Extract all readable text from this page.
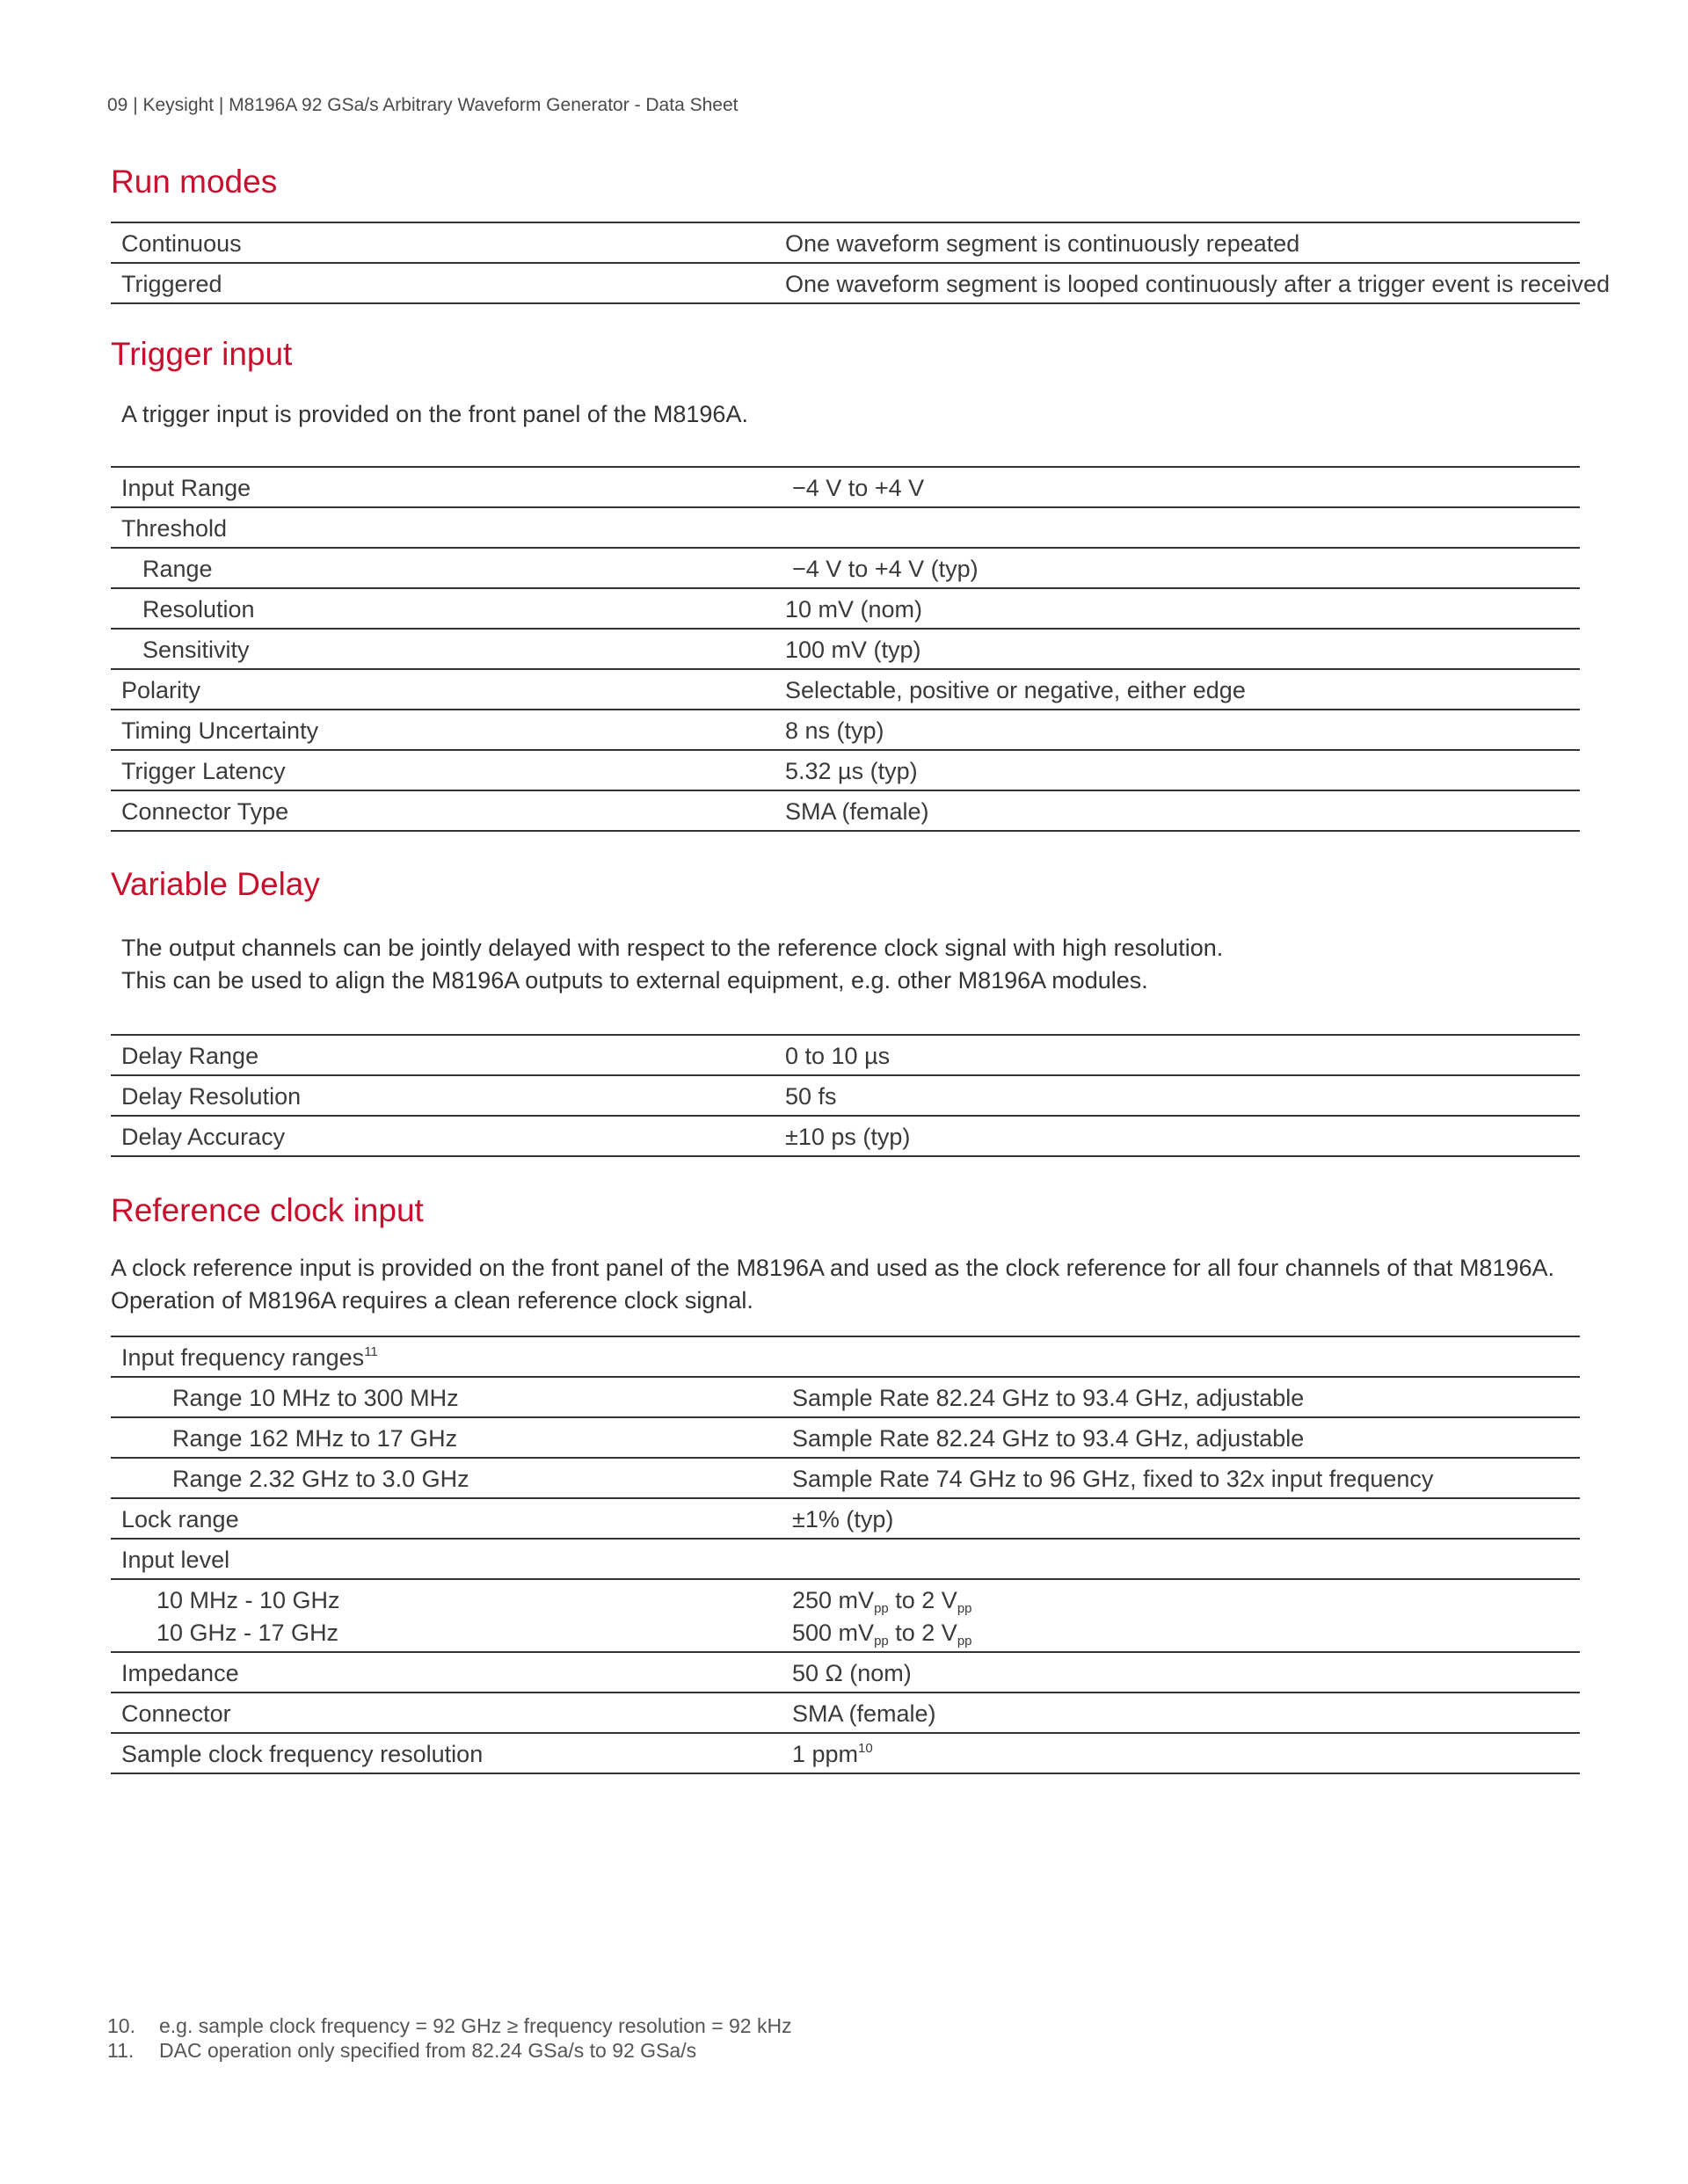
09 | Keysight | M8196A 92 GSa/s Arbitrary Waveform Generator - Data Sheet
Run modes
Continuous	One waveform segment is continuously repeated
Triggered	One waveform segment is looped continuously after a trigger event is received
Trigger input
A trigger input is provided on the front panel of the M8196A.
Input Range	−4 V to +4 V
Threshold
Range	−4 V to +4 V (typ)
Resolution	10 mV (nom)
Sensitivity	100 mV (typ)
Polarity	Selectable, positive or negative, either edge
Timing Uncertainty	8 ns (typ)
Trigger Latency	5.32 µs (typ)
Connector Type	SMA (female)
Variable Delay
The output channels can be jointly delayed with respect to the reference clock signal with high resolution.
This can be used to align the M8196A outputs to external equipment, e.g. other M8196A modules.
Delay Range	0 to 10 µs
Delay Resolution	50 fs
Delay Accuracy	±10 ps (typ)
Reference clock input
A clock reference input is provided on the front panel of the M8196A and used as the clock reference for all four channels of that M8196A.
Operation of M8196A requires a clean reference clock signal.
Input frequency ranges$^{11}$
Range 10 MHz to 300 MHz	Sample Rate 82.24 GHz to 93.4 GHz, adjustable
Range 162 MHz to 17 GHz	Sample Rate 82.24 GHz to 93.4 GHz, adjustable
Range 2.32 GHz to 3.0 GHz	Sample Rate 74 GHz to 96 GHz, fixed to 32x input frequency
Lock range	±1% (typ)
Input level
10 MHz - 10 GHz	250 $mV_{pp}$ to 2 $V_{pp}$
10 GHz - 17 GHz	500 $mV_{pp}$ to 2 $V_{pp}$
Impedance	50 Ω (nom)
Connector	SMA (female)
Sample clock frequency resolution	1 ppm$^{10}$
10. e.g. sample clock frequency = 92 GHz ≥ frequency resolution = 92 kHz
11. DAC operation only specified from 82.24 GSa/s to 92 GSa/s
